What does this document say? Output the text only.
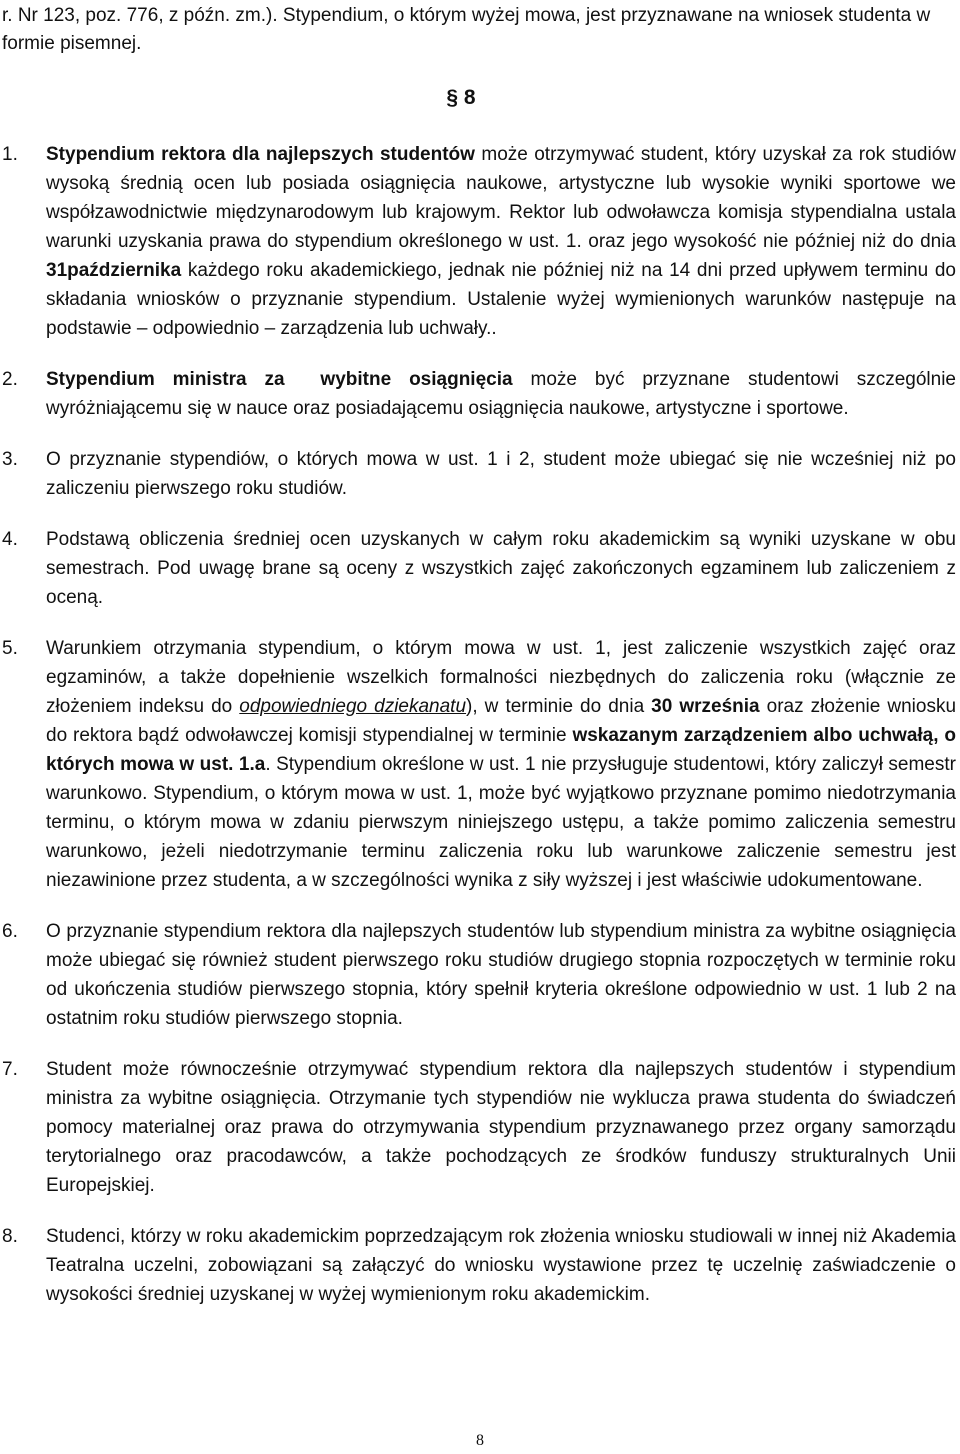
r. Nr 123, poz. 776, z późn. zm.). Stypendium, o którym wyżej mowa, jest przyznawane na wniosek studenta w formie pisemnej.

§ 8

1.	Stypendium rektora dla najlepszych studentów może otrzymywać student, który uzyskał za rok studiów wysoką średnią ocen lub posiada osiągnięcia naukowe, artystyczne lub wysokie wyniki sportowe we współzawodnictwie międzynarodowym lub krajowym. Rektor lub odwoławcza komisja stypendialna ustala warunki uzyskania prawa do stypendium określonego w ust. 1. oraz jego wysokość nie później niż do dnia 31października każdego roku akademickiego, jednak nie później niż na 14 dni przed upływem terminu do składania wniosków o przyznanie stypendium. Ustalenie wyżej wymienionych warunków następuje na podstawie – odpowiednio – zarządzenia lub uchwały..
2.	Stypendium ministra za  wybitne osiągnięcia może być przyznane studentowi szczególnie wyróżniającemu się w nauce oraz posiadającemu osiągnięcia naukowe, artystyczne i sportowe.
3.	O przyznanie stypendiów, o których mowa w ust. 1 i 2, student może ubiegać się nie wcześniej niż po zaliczeniu pierwszego roku studiów.
4.	Podstawą obliczenia średniej ocen uzyskanych w całym roku akademickim są wyniki uzyskane w obu semestrach. Pod uwagę brane są oceny z wszystkich zajęć zakończonych egzaminem lub zaliczeniem z oceną.
5.	Warunkiem otrzymania stypendium, o którym mowa w ust. 1, jest zaliczenie wszystkich zajęć oraz egzaminów, a także dopełnienie wszelkich formalności niezbędnych do zaliczenia roku (włącznie ze złożeniem indeksu do odpowiedniego dziekanatu), w terminie do dnia 30 września oraz złożenie wniosku do rektora bądź odwoławczej komisji stypendialnej w terminie wskazanym zarządzeniem albo uchwałą, o których mowa w ust. 1.a. Stypendium określone w ust. 1 nie przysługuje studentowi, który zaliczył semestr warunkowo. Stypendium, o którym mowa w ust. 1, może być wyjątkowo przyznane pomimo niedotrzymania terminu, o którym mowa w zdaniu pierwszym niniejszego ustępu, a także pomimo zaliczenia semestru warunkowo, jeżeli niedotrzymanie terminu zaliczenia roku lub warunkowe zaliczenie semestru jest niezawinione przez studenta, a w szczególności wynika z siły wyższej i jest właściwie udokumentowane.
6.	O przyznanie stypendium rektora dla najlepszych studentów lub stypendium ministra za wybitne osiągnięcia może ubiegać się również student pierwszego roku studiów drugiego stopnia rozpoczętych w terminie roku od ukończenia studiów pierwszego stopnia, który spełnił kryteria określone odpowiednio w ust. 1 lub 2 na ostatnim roku studiów pierwszego stopnia.
7.	Student może równocześnie otrzymywać stypendium rektora dla najlepszych studentów i stypendium ministra za wybitne osiągnięcia. Otrzymanie tych stypendiów nie wyklucza prawa studenta do świadczeń pomocy materialnej oraz prawa do otrzymywania stypendium przyznawanego przez organy samorządu terytorialnego oraz pracodawców, a także pochodzących ze środków funduszy strukturalnych Unii Europejskiej.
8.	Studenci, którzy w roku akademickim poprzedzającym rok złożenia wniosku studiowali w innej niż Akademia Teatralna uczelni, zobowiązani są załączyć do wniosku wystawione przez tę uczelnię zaświadczenie o wysokości średniej uzyskanej w wyżej wymienionym roku akademickim.

8
